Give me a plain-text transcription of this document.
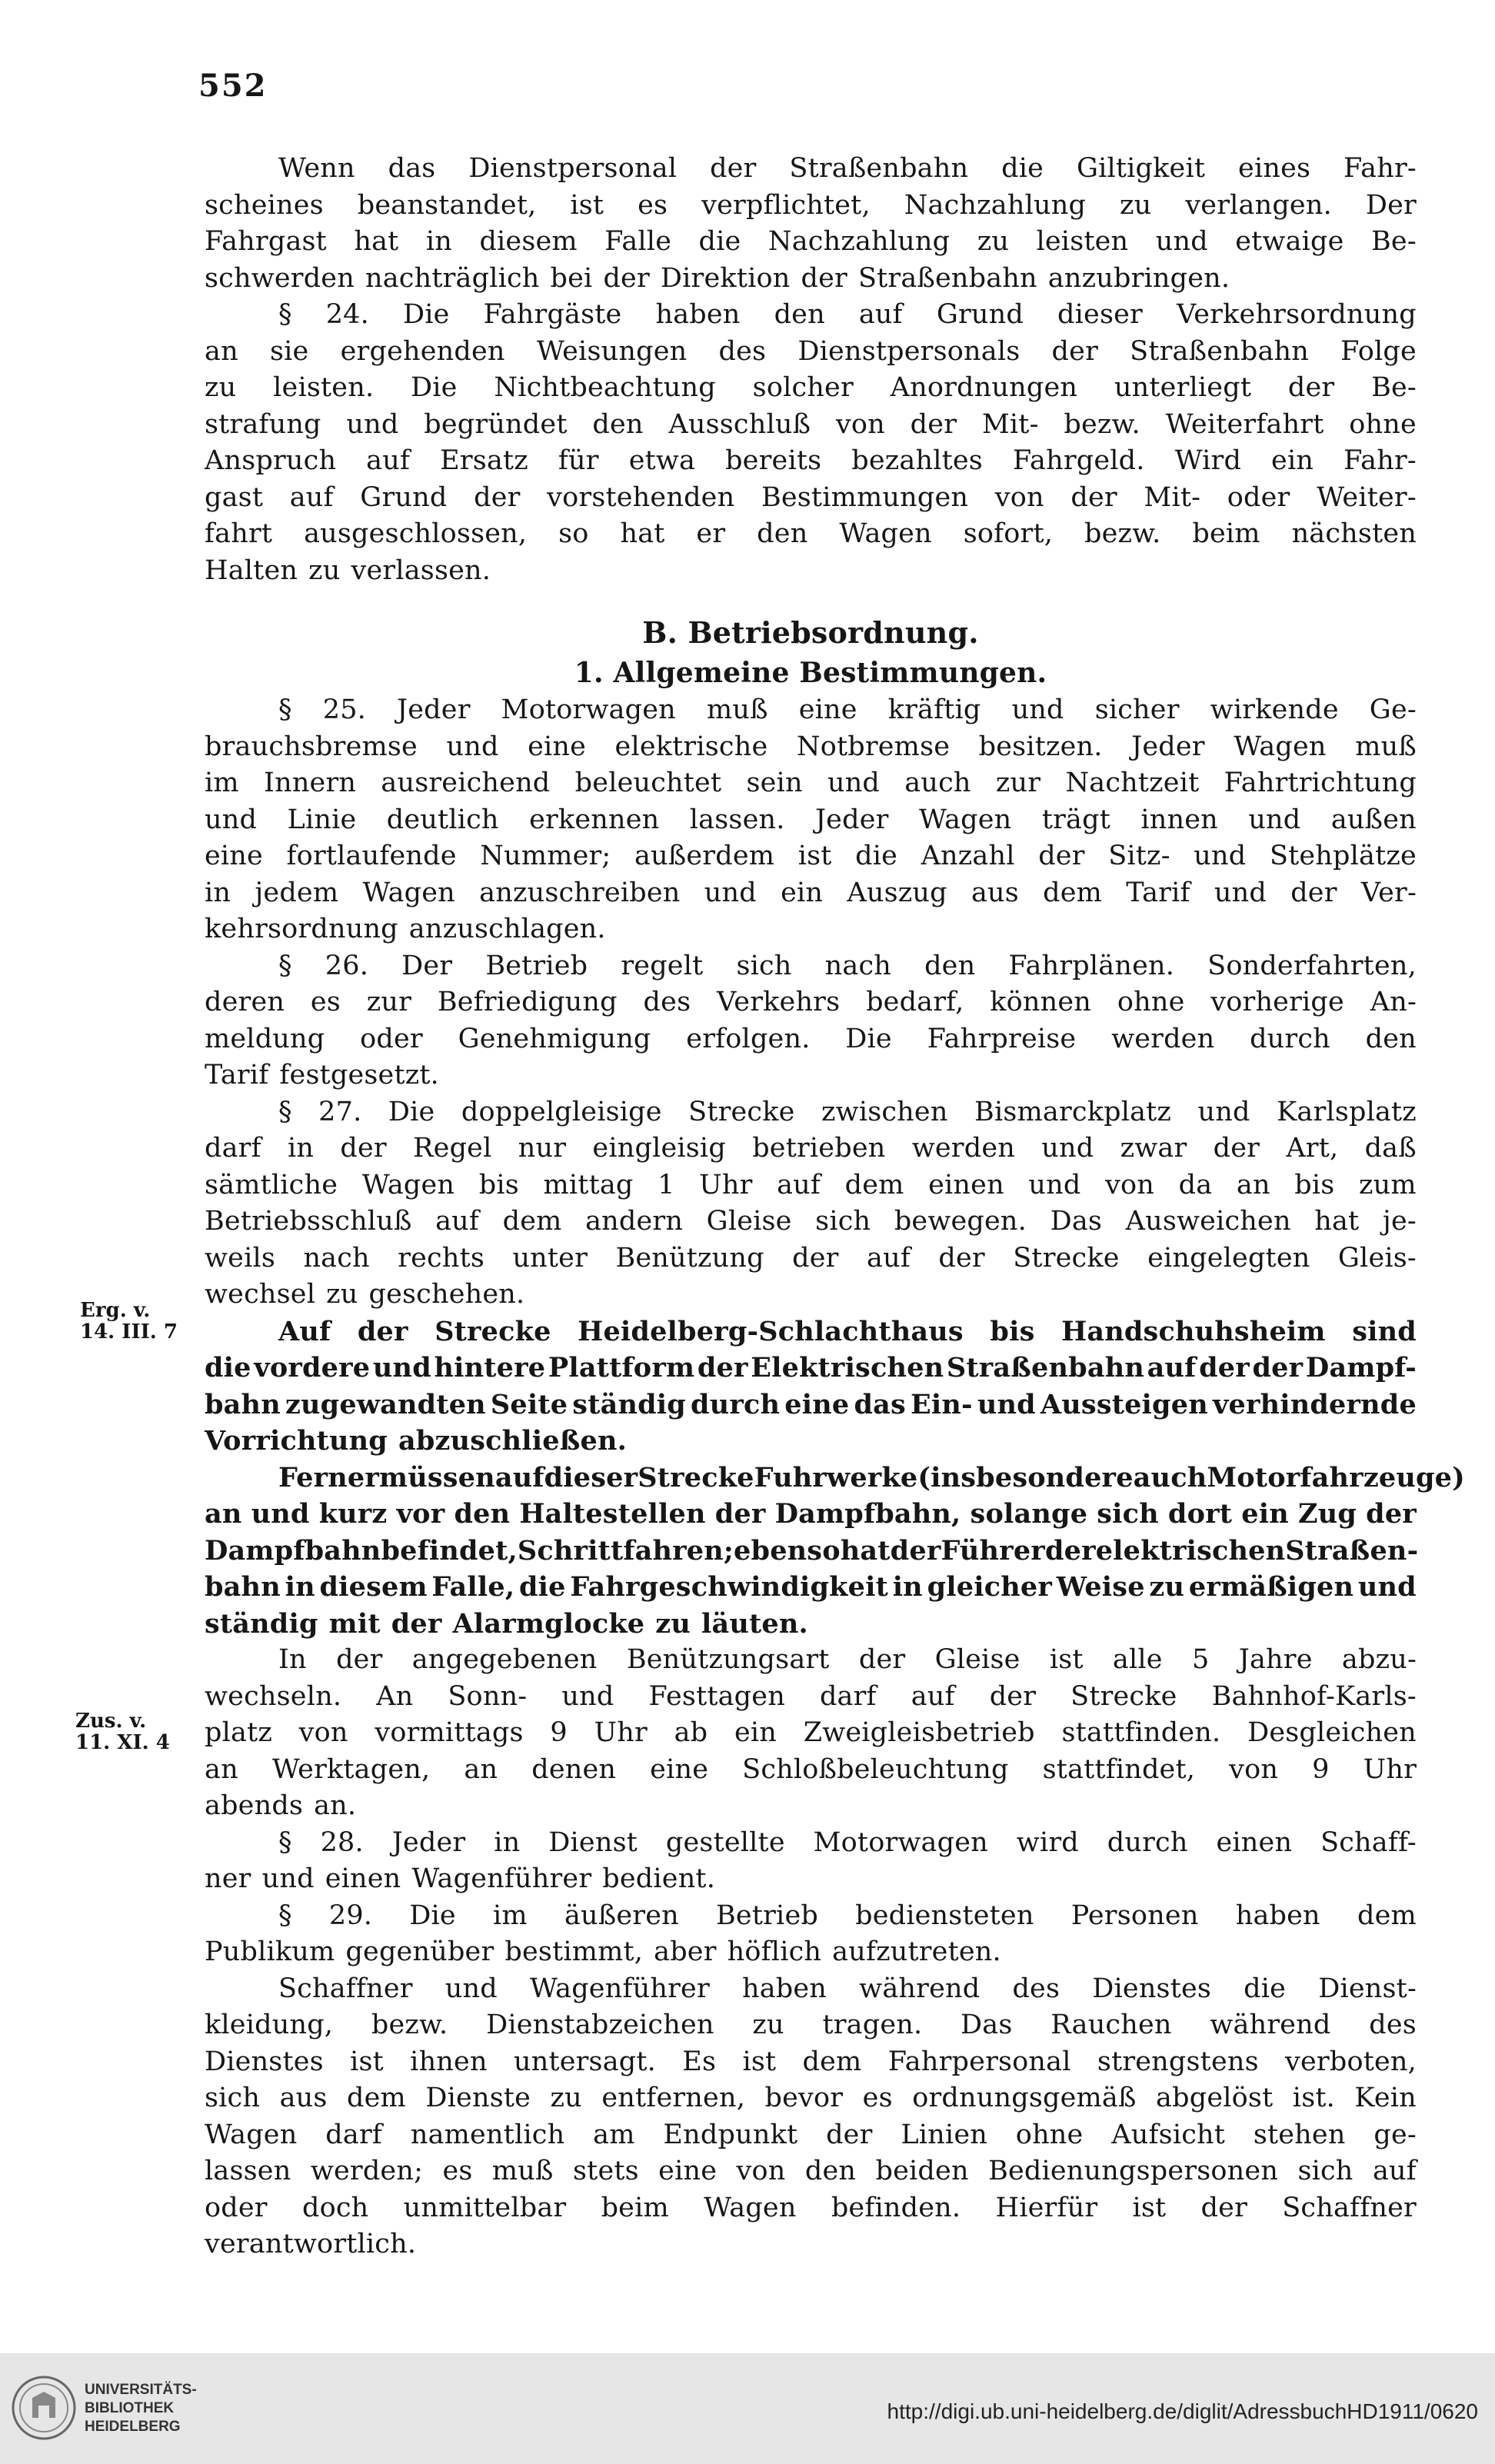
552
Wenn das Dienstpersonal der Straßenbahn die Giltigkeit eines Fahr-
scheines beanstandet, ist es verpflichtet, Nachzahlung zu verlangen. Der
Fahrgast hat in diesem Falle die Nachzahlung zu leisten und etwaige Be-
schwerden nachträglich bei der Direktion der Straßenbahn anzubringen.
§ 24. Die Fahrgäste haben den auf Grund dieser Verkehrsordnung
an sie ergehenden Weisungen des Dienstpersonals der Straßenbahn Folge
zu leisten. Die Nichtbeachtung solcher Anordnungen unterliegt der Be-
strafung und begründet den Ausschluß von der Mit- bezw. Weiterfahrt ohne
Anspruch auf Ersatz für etwa bereits bezahltes Fahrgeld. Wird ein Fahr-
gast auf Grund der vorstehenden Bestimmungen von der Mit- oder Weiter-
fahrt ausgeschlossen, so hat er den Wagen sofort, bezw. beim nächsten
Halten zu verlassen.
B. Betriebsordnung.
1. Allgemeine Bestimmungen.
§ 25. Jeder Motorwagen muß eine kräftig und sicher wirkende Ge-
brauchsbremse und eine elektrische Notbremse besitzen. Jeder Wagen muß
im Innern ausreichend beleuchtet sein und auch zur Nachtzeit Fahrtrichtung
und Linie deutlich erkennen lassen. Jeder Wagen trägt innen und außen
eine fortlaufende Nummer; außerdem ist die Anzahl der Sitz- und Stehplätze
in jedem Wagen anzuschreiben und ein Auszug aus dem Tarif und der Ver-
kehrsordnung anzuschlagen.
§ 26. Der Betrieb regelt sich nach den Fahrplänen. Sonderfahrten,
deren es zur Befriedigung des Verkehrs bedarf, können ohne vorherige An-
meldung oder Genehmigung erfolgen. Die Fahrpreise werden durch den
Tarif festgesetzt.
§ 27. Die doppelgleisige Strecke zwischen Bismarckplatz und Karlsplatz
darf in der Regel nur eingleisig betrieben werden und zwar der Art, daß
sämtliche Wagen bis mittag 1 Uhr auf dem einen und von da an bis zum
Betriebsschluß auf dem andern Gleise sich bewegen. Das Ausweichen hat je-
weils nach rechts unter Benützung der auf der Strecke eingelegten Gleis-
wechsel zu geschehen.
Auf der Strecke Heidelberg-Schlachthaus bis Handschuhsheim sind
die vordere und hintere Plattform der Elektrischen Straßenbahn auf der der Dampf-
bahn zugewandten Seite ständig durch eine das Ein- und Aussteigen verhindernde
Vorrichtung abzuschließen.
Ferner müssen auf dieser Strecke Fuhrwerke (insbesondere auch Motorfahrzeuge)
an und kurz vor den Haltestellen der Dampfbahn, solange sich dort ein Zug der
Dampfbahn befindet, Schritt fahren; ebenso hat der Führer der elektrischen Straßen-
bahn in diesem Falle, die Fahrgeschwindigkeit in gleicher Weise zu ermäßigen und
ständig mit der Alarmglocke zu läuten.
In der angegebenen Benützungsart der Gleise ist alle 5 Jahre abzu-
wechseln. An Sonn- und Festtagen darf auf der Strecke Bahnhof-Karls-
platz von vormittags 9 Uhr ab ein Zweigleisbetrieb stattfinden. Desgleichen
an Werktagen, an denen eine Schloßbeleuchtung stattfindet, von 9 Uhr
abends an.
§ 28. Jeder in Dienst gestellte Motorwagen wird durch einen Schaff-
ner und einen Wagenführer bedient.
§ 29. Die im äußeren Betrieb bediensteten Personen haben dem
Publikum gegenüber bestimmt, aber höflich aufzutreten.
Schaffner und Wagenführer haben während des Dienstes die Dienst-
kleidung, bezw. Dienstabzeichen zu tragen. Das Rauchen während des
Dienstes ist ihnen untersagt. Es ist dem Fahrpersonal strengstens verboten,
sich aus dem Dienste zu entfernen, bevor es ordnungsgemäß abgelöst ist. Kein
Wagen darf namentlich am Endpunkt der Linien ohne Aufsicht stehen ge-
lassen werden; es muß stets eine von den beiden Bedienungspersonen sich auf
oder doch unmittelbar beim Wagen befinden. Hierfür ist der Schaffner
verantwortlich.
Erg. v.
14. III. 7
Zus. v.
11. XI. 4
UNIVERSITÄTS-
BIBLIOTHEK
HEIDELBERG
http://digi.ub.uni-heidelberg.de/diglit/AdressbuchHD1911/0620
